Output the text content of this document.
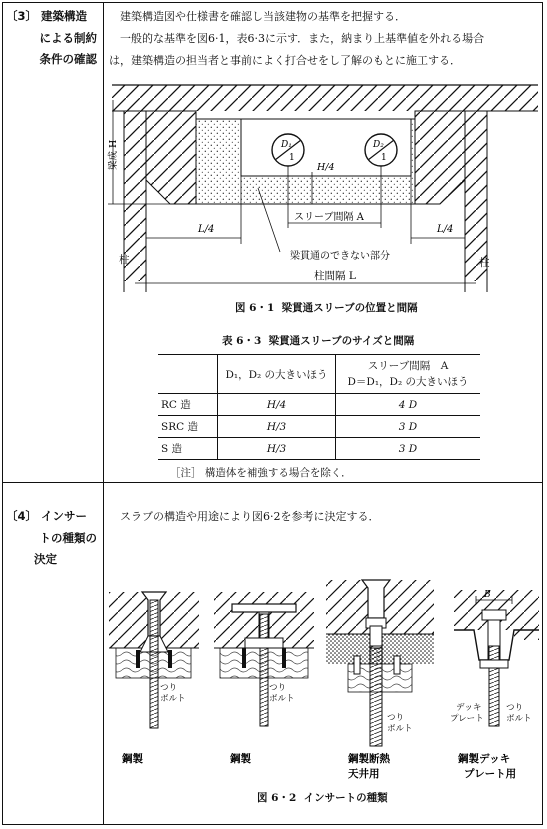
〔3〕 建築構造
による制約
条件の確認
建築構造図や仕様書を確認し当該建物の基準を把握する．
一般的な基準を図6·1，表6·3に示す．また，納まり上基準値を外れる場合
は，建築構造の担当者と事前によく打合せをし了解のもとに施工する．
D₁
1
D₂
1
H/4
スリーブ間隔 A
梁成 H
L/4	L/4
梁貫通のできない部分
柱	柱
柱間隔 L
図 6・1 梁貫通スリーブの位置と間隔
表 6・3 梁貫通スリーブのサイズと間隔
	D₁，D₂ の大きいほう	スリーブ間隔　A
D＝D₁，D₂ の大きいほう
RC 造	H/4	4 D
SRC 造	H/3	3 D
S 造	H/3	3 D
［注］ 構造体を補強する場合を除く．
〔4〕 インサー
トの種類の
決定
スラブの構造や用途により図6·2を参考に決定する．
つり
ボルト
つり
ボルト
つり
ボルト
B
デッキ
プレート
つり
ボルト
鋼製	鋼製	鋼製断熱
天井用
鋼製デッキ
プレート用
図 6・2 インサートの種類
